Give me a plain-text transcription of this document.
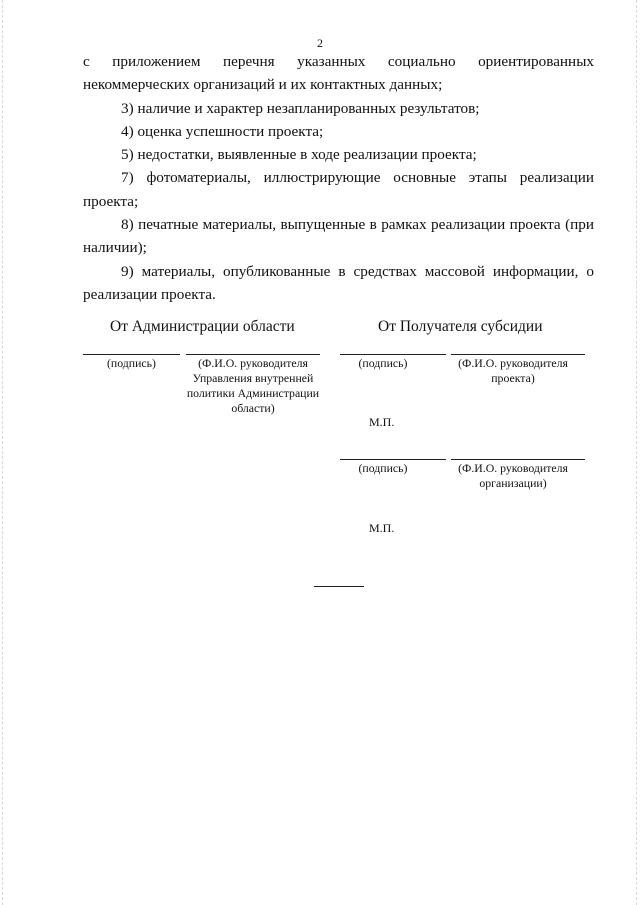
2

с приложением перечня указанных социально ориентированных некоммерческих организаций и их контактных данных;

3) наличие и характер незапланированных результатов;

4) оценка успешности проекта;

5) недостатки, выявленные в ходе реализации проекта;

7) фотоматериалы, иллюстрирующие основные этапы реализации проекта;

8) печатные материалы, выпущенные в рамках реализации проекта (при наличии);

9) материалы, опубликованные в средствах массовой информации, о реализации проекта.

От Администрации области	От Получателя субсидии
(подпись)	(Ф.И.О. руководителя Управления внутренней политики Администрации области)
(подпись)	(Ф.И.О. руководителя проекта)
М.П.
(подпись)	(Ф.И.О. руководителя организации)
М.П.
